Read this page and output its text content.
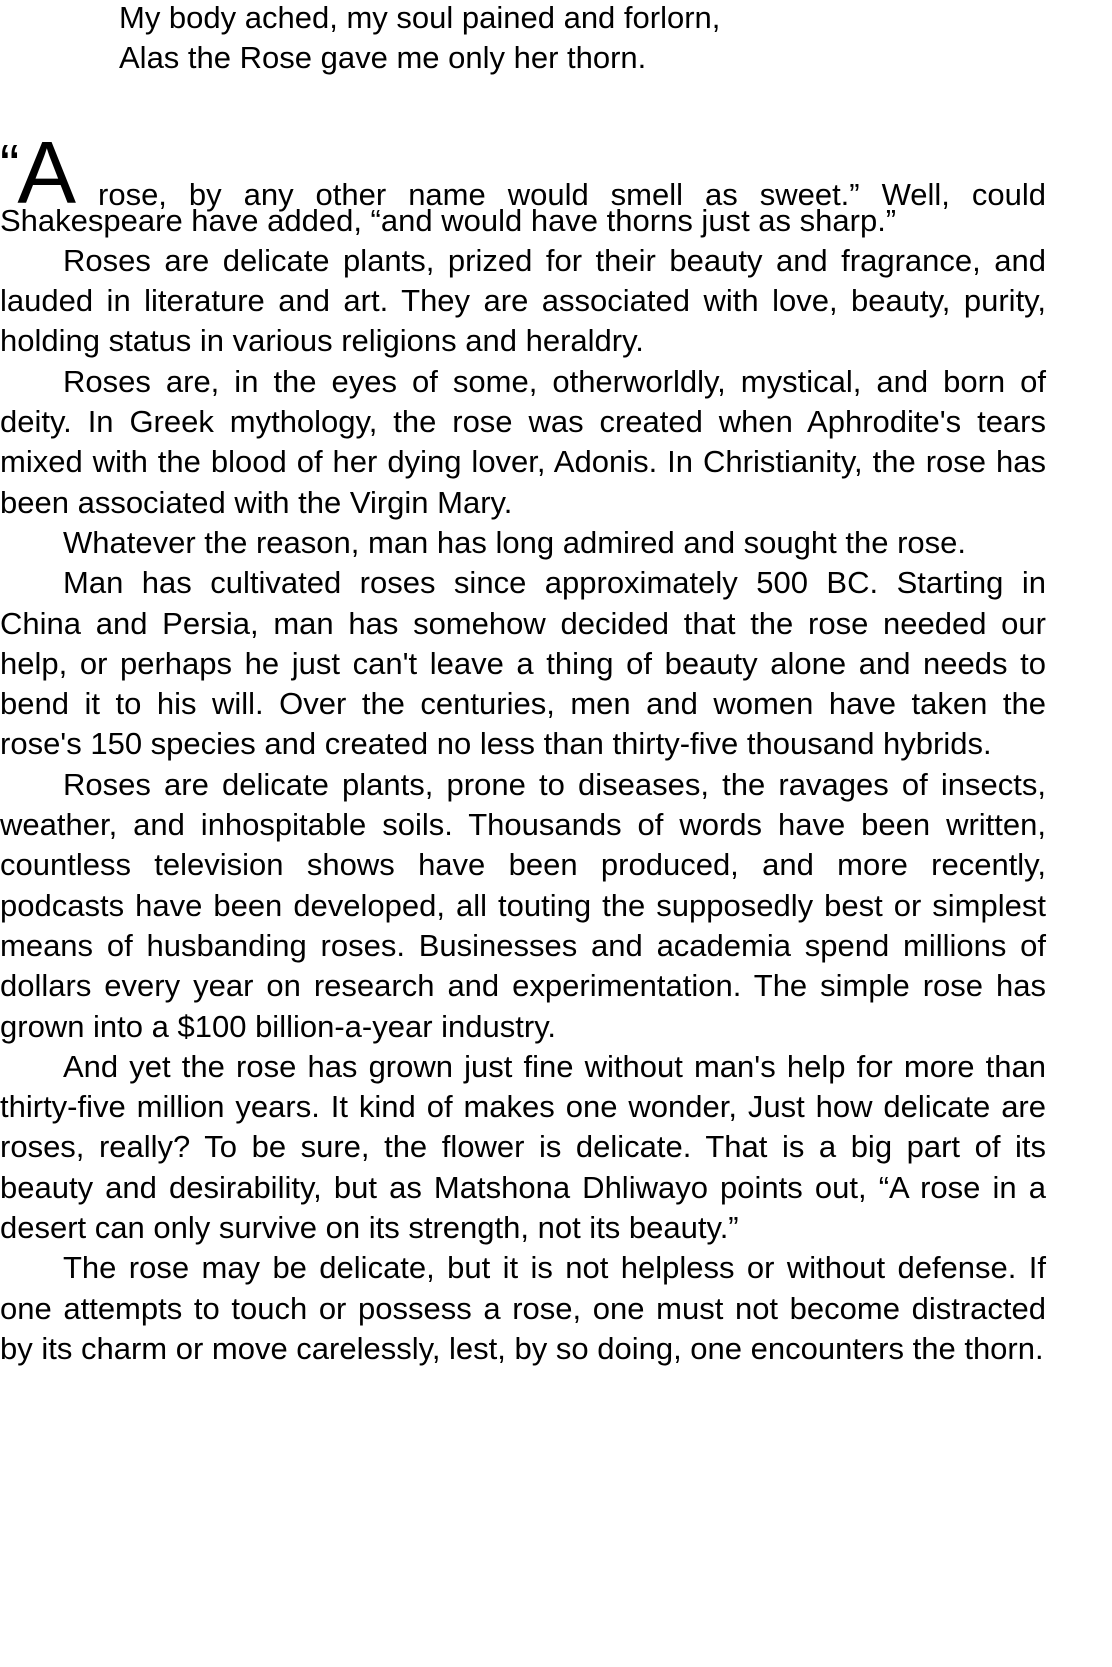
My body ached, my soul pained and forlorn,
Alas the Rose gave me only her thorn.
“A rose, by any other name would smell as sweet.” Well, could

Shakespeare have added, “and would have thorns just as sharp.”

Roses are delicate plants, prized for their beauty and fragrance, and lauded in literature and art. They are associated with love, beauty, purity, holding status in various religions and heraldry.

Roses are, in the eyes of some, otherworldly, mystical, and born of deity. In Greek mythology, the rose was created when Aphrodite's tears mixed with the blood of her dying lover, Adonis. In Christianity, the rose has been associated with the Virgin Mary.

Whatever the reason, man has long admired and sought the rose.

Man has cultivated roses since approximately 500 BC. Starting in China and Persia, man has somehow decided that the rose needed our help, or perhaps he just can't leave a thing of beauty alone and needs to bend it to his will. Over the centuries, men and women have taken the rose's 150 species and created no less than thirty-five thousand hybrids.

Roses are delicate plants, prone to diseases, the ravages of insects, weather, and inhospitable soils. Thousands of words have been written, countless television shows have been produced, and more recently, podcasts have been developed, all touting the supposedly best or simplest means of husbanding roses. Businesses and academia spend millions of dollars every year on research and experimentation. The simple rose has grown into a $100 billion-a-year industry.

And yet the rose has grown just fine without man's help for more than thirty-five million years. It kind of makes one wonder, Just how delicate are roses, really? To be sure, the flower is delicate. That is a big part of its beauty and desirability, but as Matshona Dhliwayo points out, “A rose in a desert can only survive on its strength, not its beauty.”

The rose may be delicate, but it is not helpless or without defense. If one attempts to touch or possess a rose, one must not become distracted by its charm or move carelessly, lest, by so doing, one encounters the thorn.
